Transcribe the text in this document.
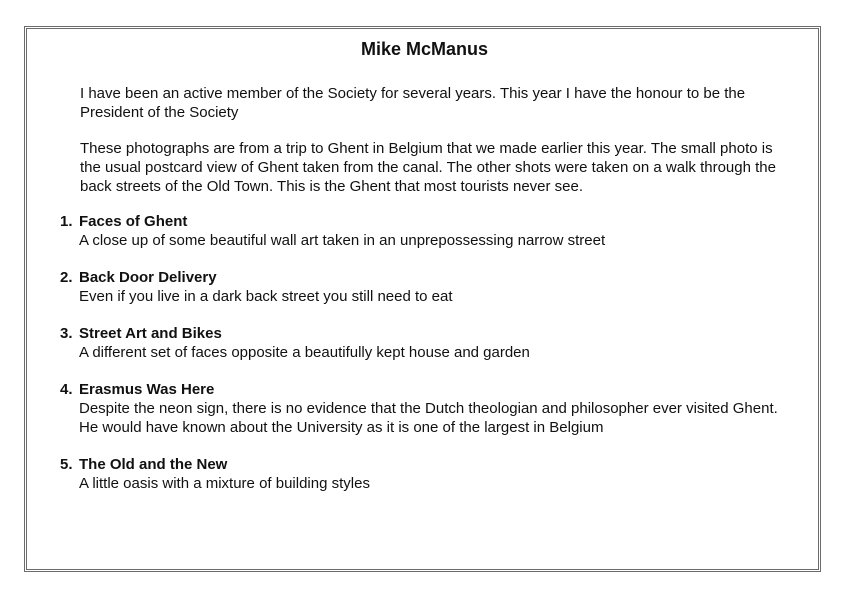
Mike McManus

I have been an active member of the Society for several years. This year I have the honour to be the President of the Society

These photographs are from a trip to Ghent in Belgium that we made earlier this year. The small photo is the usual postcard view of Ghent taken from the canal. The other shots were taken on a walk through the back streets of the Old Town. This is the Ghent that most tourists never see.

1. Faces of Ghent
A close up of some beautiful wall art taken in an unprepossessing narrow street
2. Back Door Delivery
Even if you live in a dark back street you still need to eat
3. Street Art and Bikes
A different set of faces opposite a beautifully kept house and garden
4. Erasmus Was Here
Despite the neon sign, there is no evidence that the Dutch theologian and philosopher ever visited Ghent. He would have known about the University as it is one of the largest in Belgium
5. The Old and the New
A little oasis with a mixture of building styles
